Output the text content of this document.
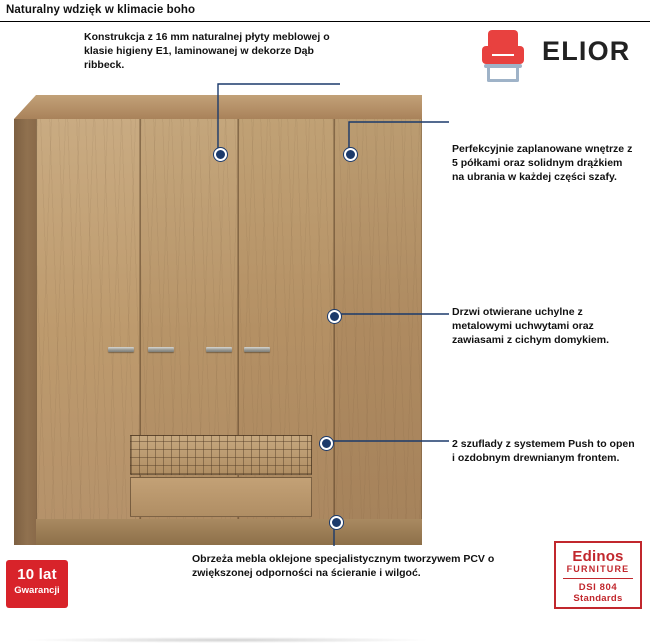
Naturalny wdzięk w klimacie boho
ELIOR
Konstrukcja z 16 mm naturalnej płyty meblowej o klasie higieny E1, laminowanej w dekorze Dąb ribbeck.
Perfekcyjnie zaplanowane wnętrze z 5 półkami oraz solidnym drążkiem na ubrania w każdej części szafy.
Drzwi otwierane uchylne z metalowymi uchwytami oraz zawiasami z cichym domykiem.
2 szuflady z systemem Push to open i ozdobnym drewnianym frontem.
Obrzeża mebla oklejone specjalistycznym tworzywem PCV o zwiększonej odporności na ścieranie i wilgoć.
10 lat
Gwarancji
Edinos
FURNITURE
DSI 804
Standards
